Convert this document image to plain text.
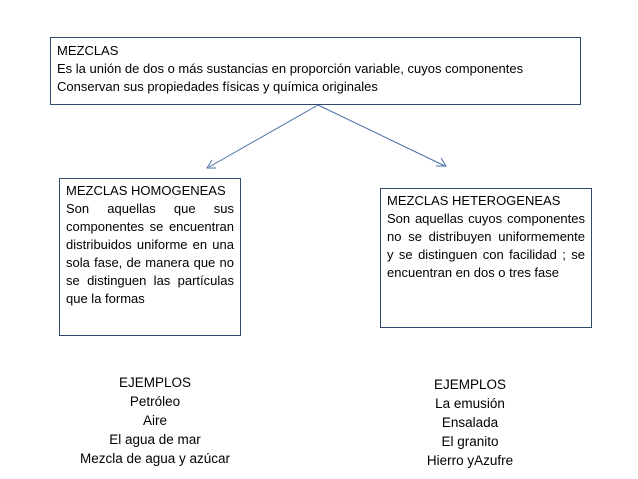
MEZCLAS
Es la unión de dos o más sustancias en proporción variable, cuyos componentes
Conservan sus propiedades físicas y química originales
MEZCLAS HOMOGENEAS
Son aquellas que sus componentes se encuentran distribuidos uniforme en una sola fase, de manera que no se distinguen las partículas que la formas
MEZCLAS HETEROGENEAS
Son aquellas cuyos componentes no se distribuyen uniformemente y se distinguen con facilidad ; se encuentran en dos o tres fase
EJEMPLOS
Petróleo
Aire
El agua de mar
Mezcla de agua y azúcar
EJEMPLOS
La emusión
Ensalada
El granito
Hierro yAzufre
